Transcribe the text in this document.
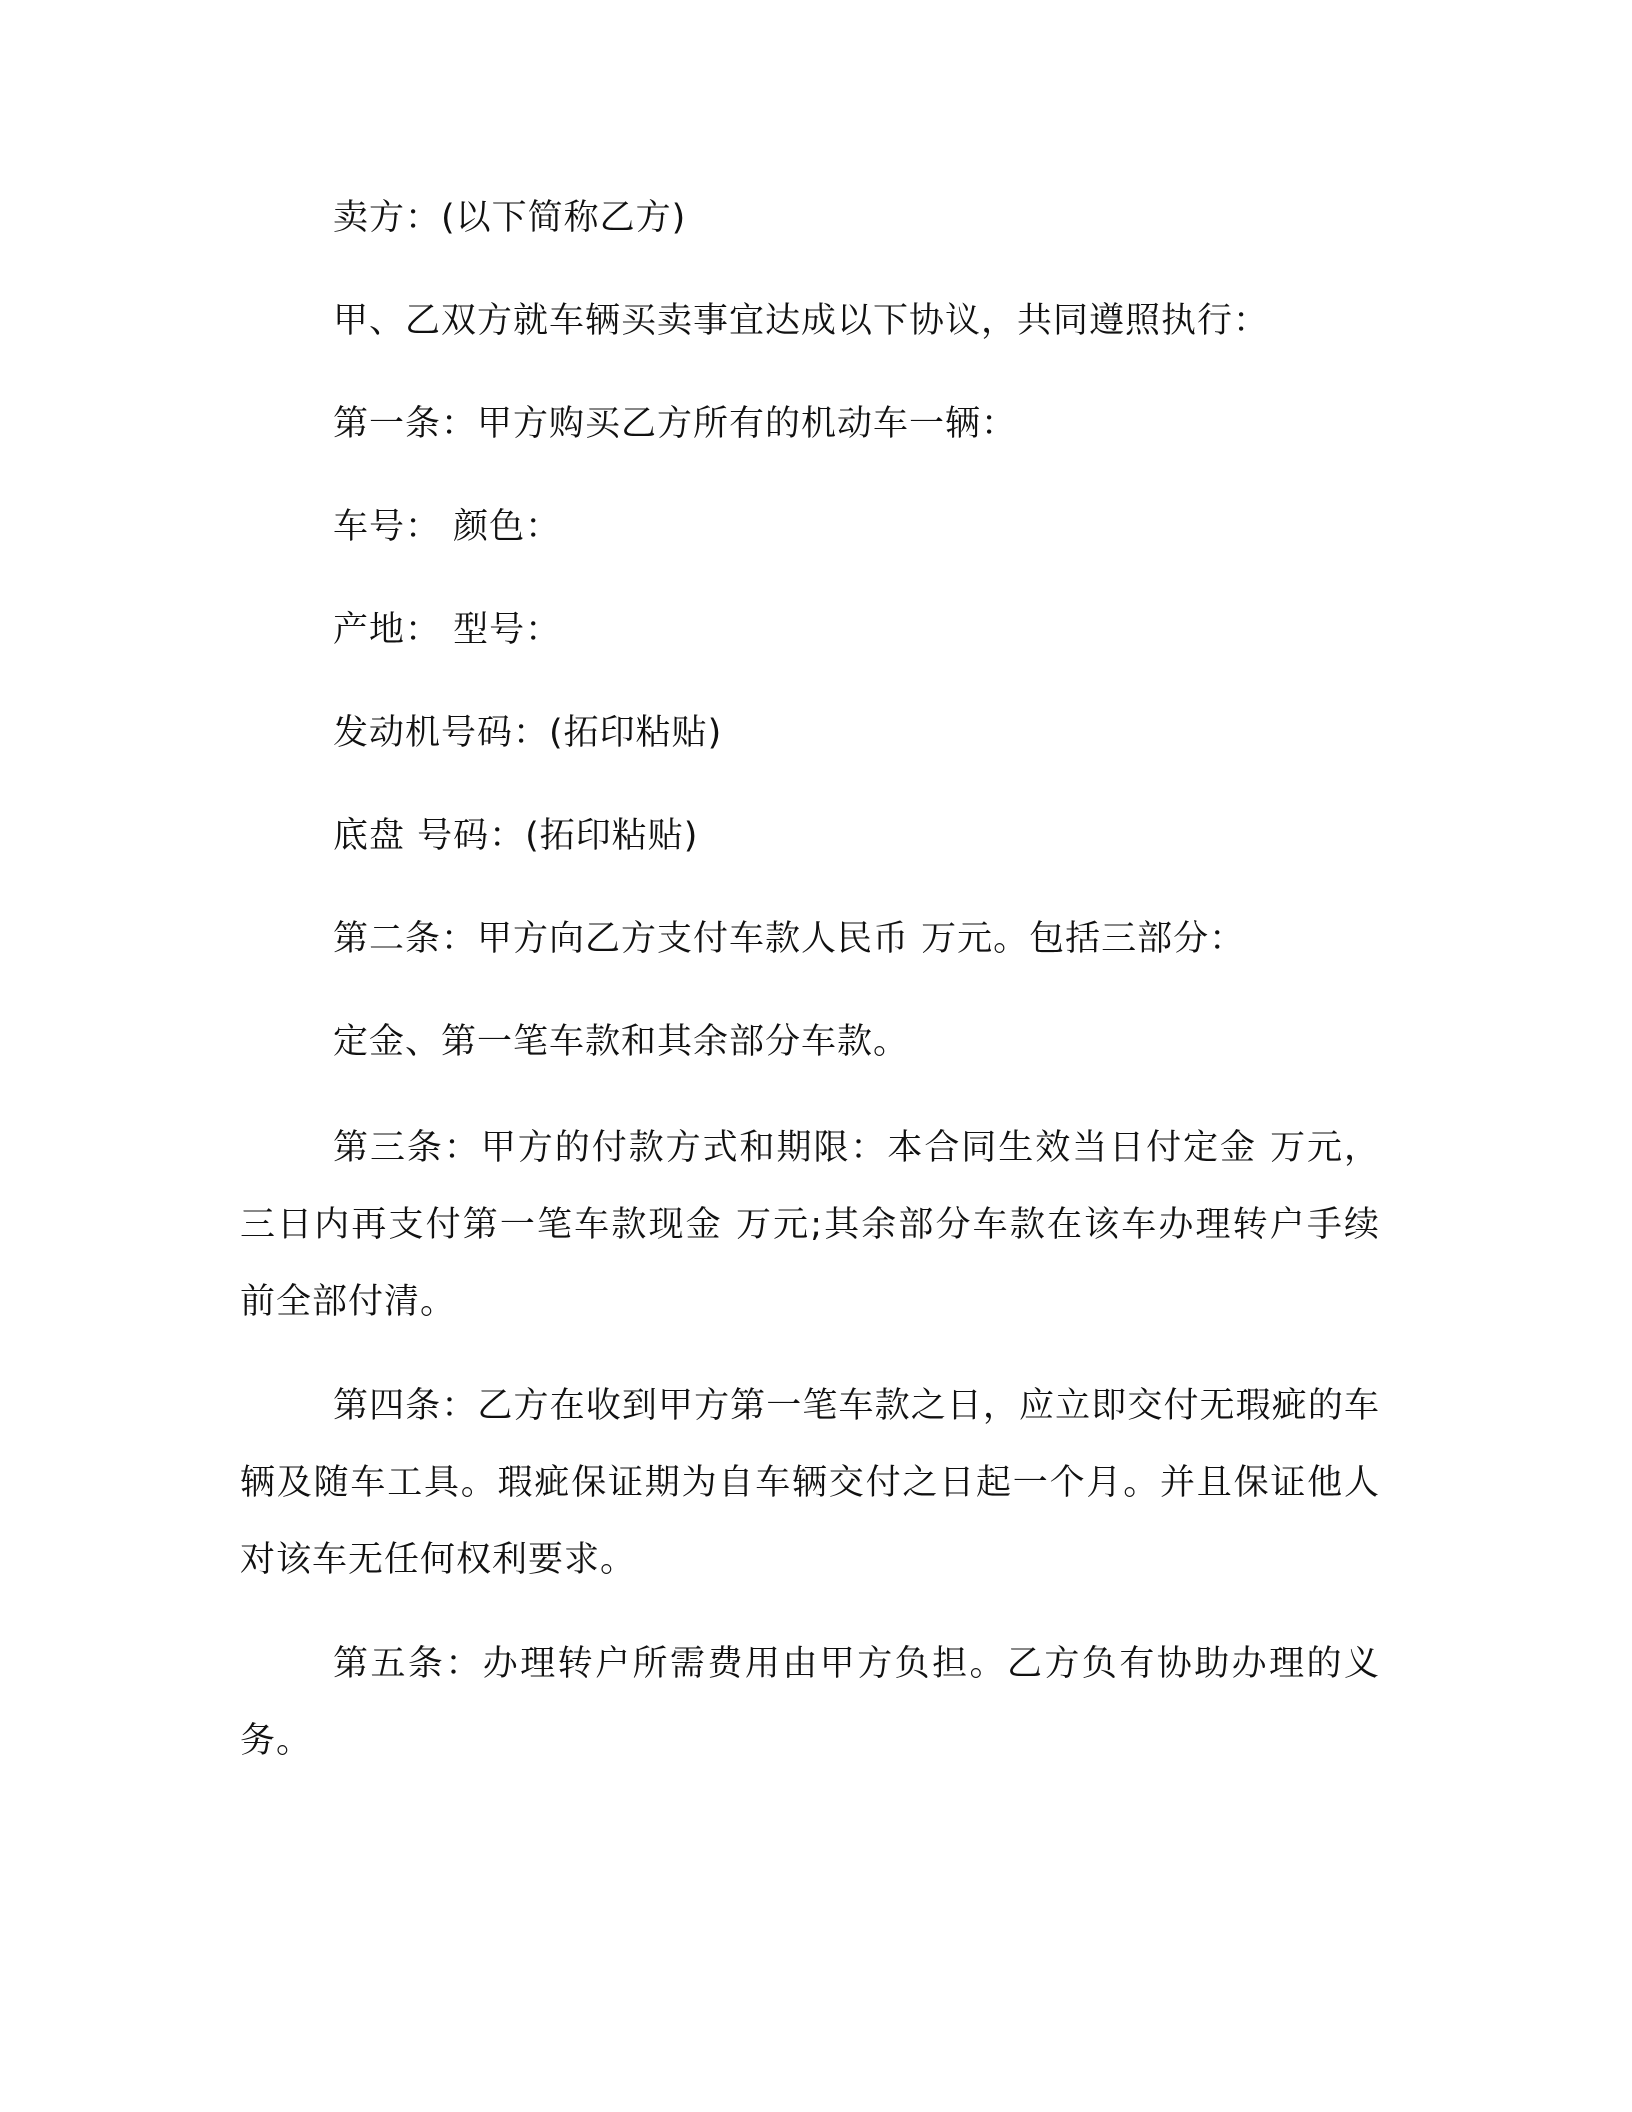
卖方：(以下简称乙方)
甲、乙双方就车辆买卖事宜达成以下协议，共同遵照执行：
第一条：甲方购买乙方所有的机动车一辆：
车号： 颜色：
产地： 型号：
发动机号码：(拓印粘贴)
底盘 号码：(拓印粘贴)
第二条：甲方向乙方支付车款人民币 万元。包括三部分：
定金、第一笔车款和其余部分车款。
第三条：甲方的付款方式和期限：本合同生效当日付定金 万元，三日内再支付第一笔车款现金 万元;其余部分车款在该车办理转户手续前全部付清。
第四条：乙方在收到甲方第一笔车款之日，应立即交付无瑕疵的车辆及随车工具。瑕疵保证期为自车辆交付之日起一个月。并且保证他人对该车无任何权利要求。
第五条：办理转户所需费用由甲方负担。乙方负有协助办理的义务。
